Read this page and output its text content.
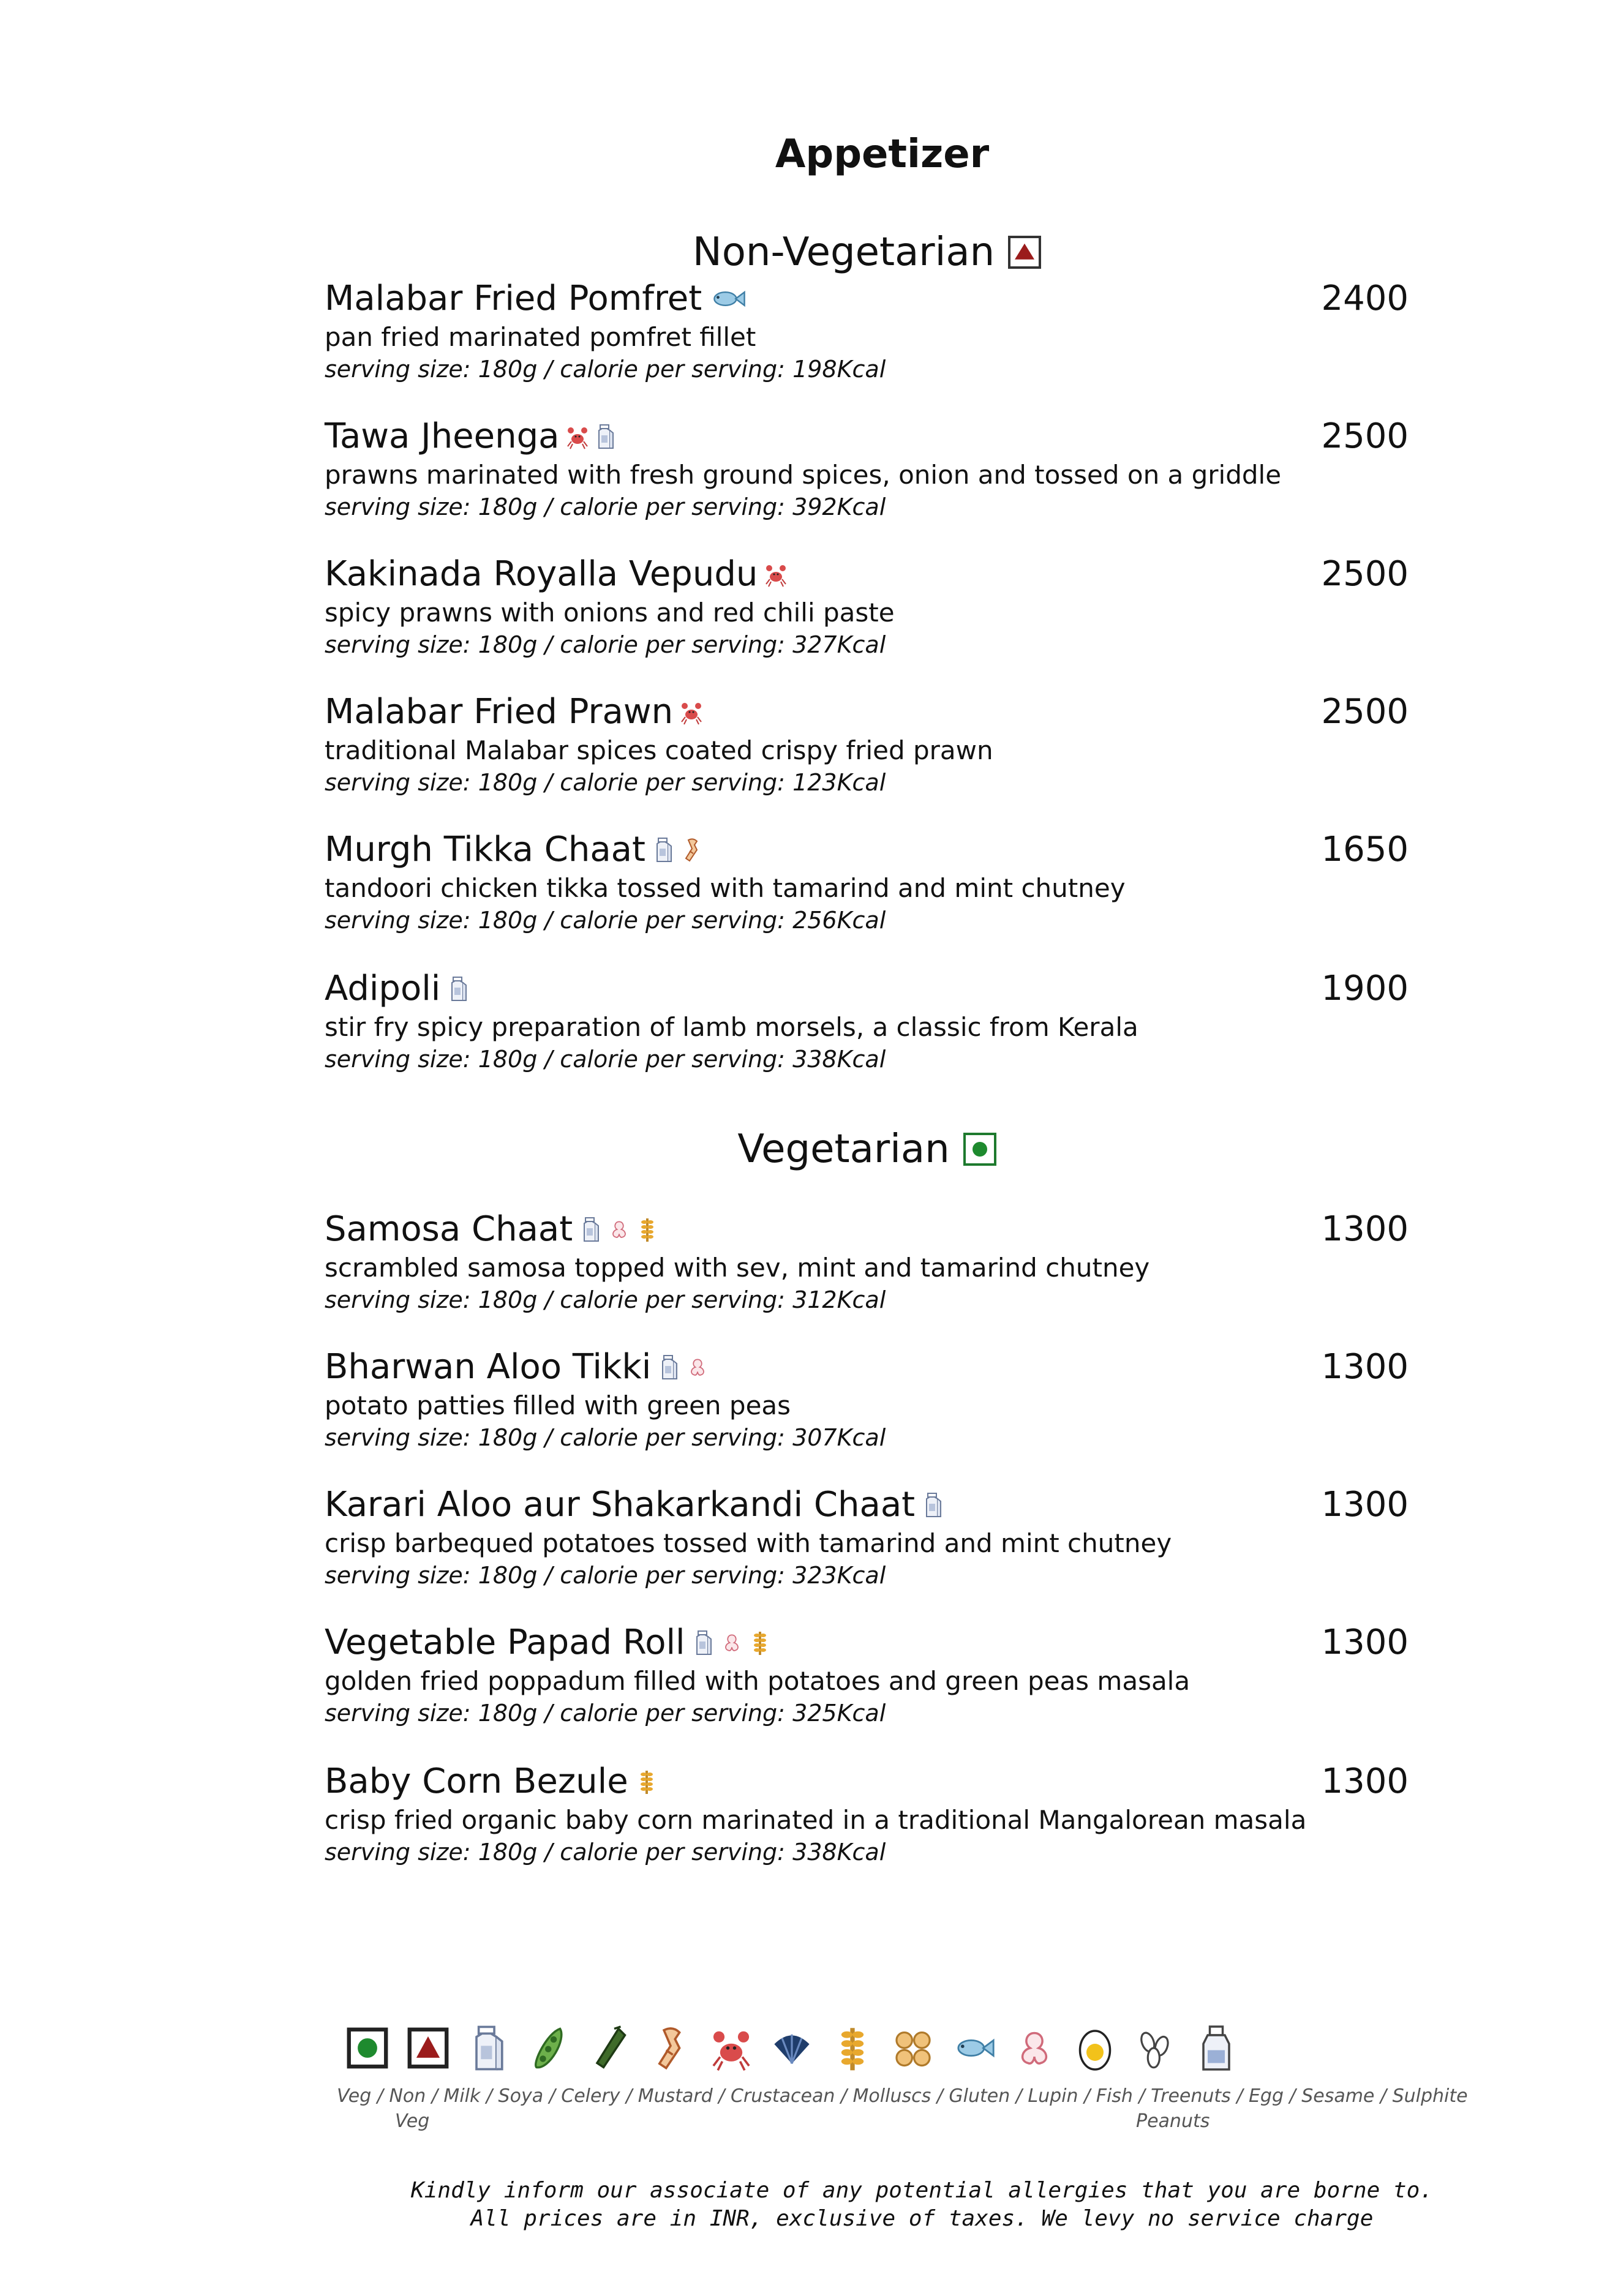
Appetizer
Non-Vegetarian
Malabar Fried Pomfret	2400
pan fried marinated pomfret fillet
serving size: 180g / calorie per serving: 198Kcal
Tawa Jheenga	2500
prawns marinated with fresh ground spices, onion and tossed on a griddle
serving size: 180g / calorie per serving: 392Kcal
Kakinada Royalla Vepudu	2500
spicy prawns with onions and red chili paste
serving size: 180g / calorie per serving: 327Kcal
Malabar Fried Prawn	2500
traditional Malabar spices coated crispy fried prawn
serving size: 180g / calorie per serving: 123Kcal
Murgh Tikka Chaat	1650
tandoori chicken tikka tossed with tamarind and mint chutney
serving size: 180g / calorie per serving: 256Kcal
Adipoli	1900
stir fry spicy preparation of lamb morsels, a classic from Kerala
serving size: 180g / calorie per serving: 338Kcal
Vegetarian
Samosa Chaat	1300
scrambled samosa topped with sev, mint and tamarind chutney
serving size: 180g / calorie per serving: 312Kcal
Bharwan Aloo Tikki	1300
potato patties filled with green peas
serving size: 180g / calorie per serving: 307Kcal
Karari Aloo aur Shakarkandi Chaat	1300
crisp barbequed potatoes tossed with tamarind and mint chutney
serving size: 180g / calorie per serving: 323Kcal
Vegetable Papad Roll	1300
golden fried poppadum filled with potatoes and green peas masala
serving size: 180g / calorie per serving: 325Kcal
Baby Corn Bezule	1300
crisp fried organic baby corn marinated in a traditional Mangalorean masala
serving size: 180g / calorie per serving: 338Kcal
Veg / Non / Milk / Soya / Celery / Mustard / Crustacean / Molluscs / Gluten / Lupin / Fish / Treenuts / Egg / Sesame / Sulphite
Veg	Peanuts
Kindly inform our associate of any potential allergies that you are borne to.
All prices are in INR, exclusive of taxes. We levy no service charge
